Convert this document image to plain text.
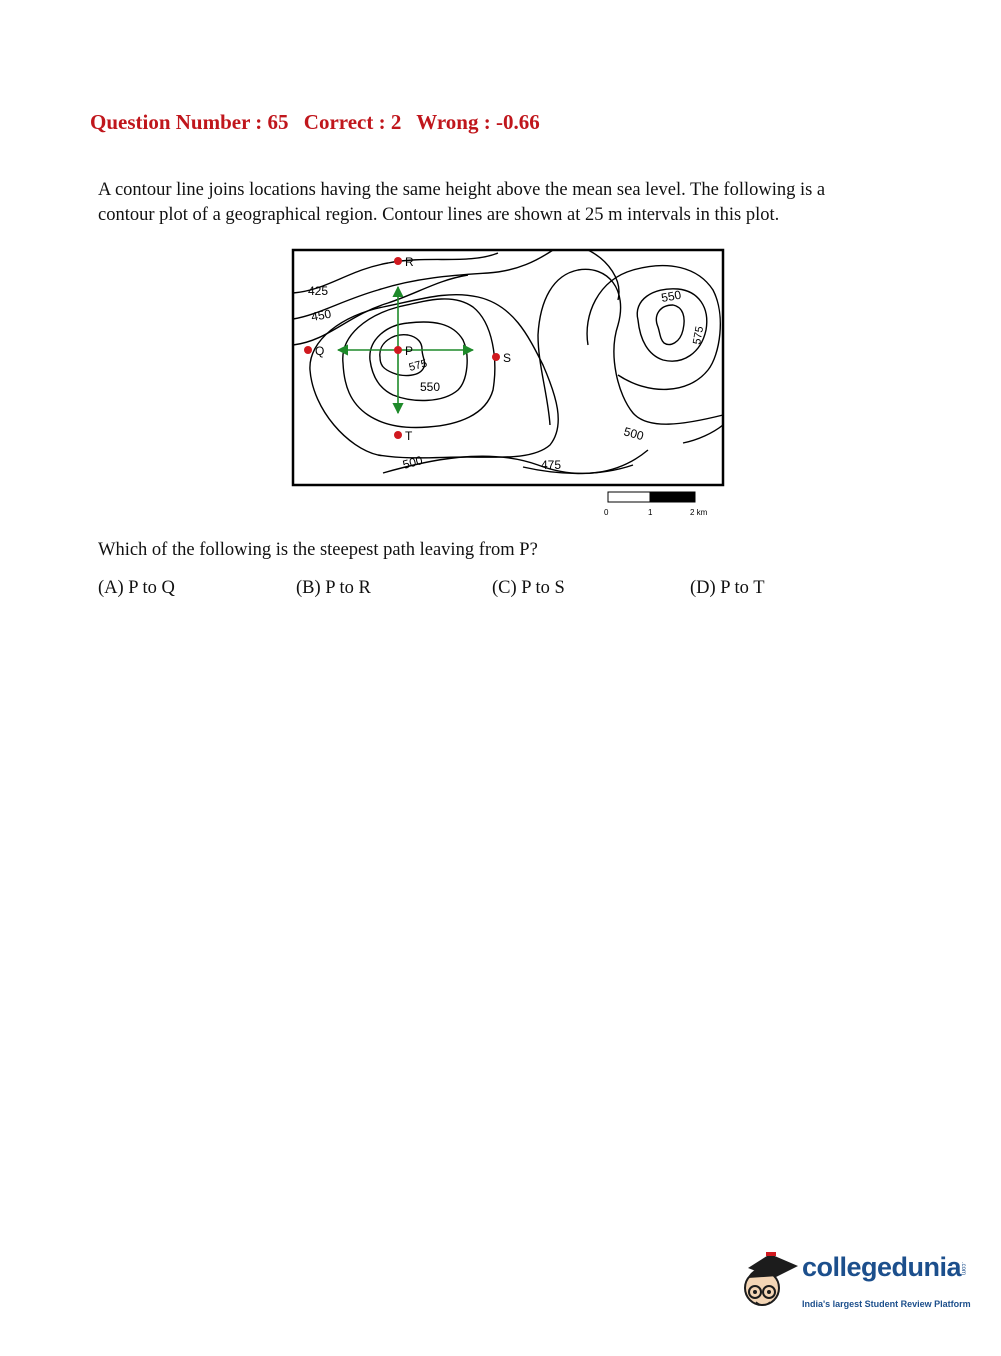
Question Number : 65 Correct : 2 Wrong : -0.66
A contour line joins locations having the same height above the mean sea level. The following is a
contour plot of a geographical region. Contour lines are shown at 25 m intervals in this plot.
P
Q
R
S
T
425
450
575
550
500	475
500
550
575
0	1	2 km
Which of the following is the steepest path leaving from P?
(A) P to Q	(B) P to R	(C) P to S	(D) P to T
collegedunia
.com
India's largest Student Review Platform
